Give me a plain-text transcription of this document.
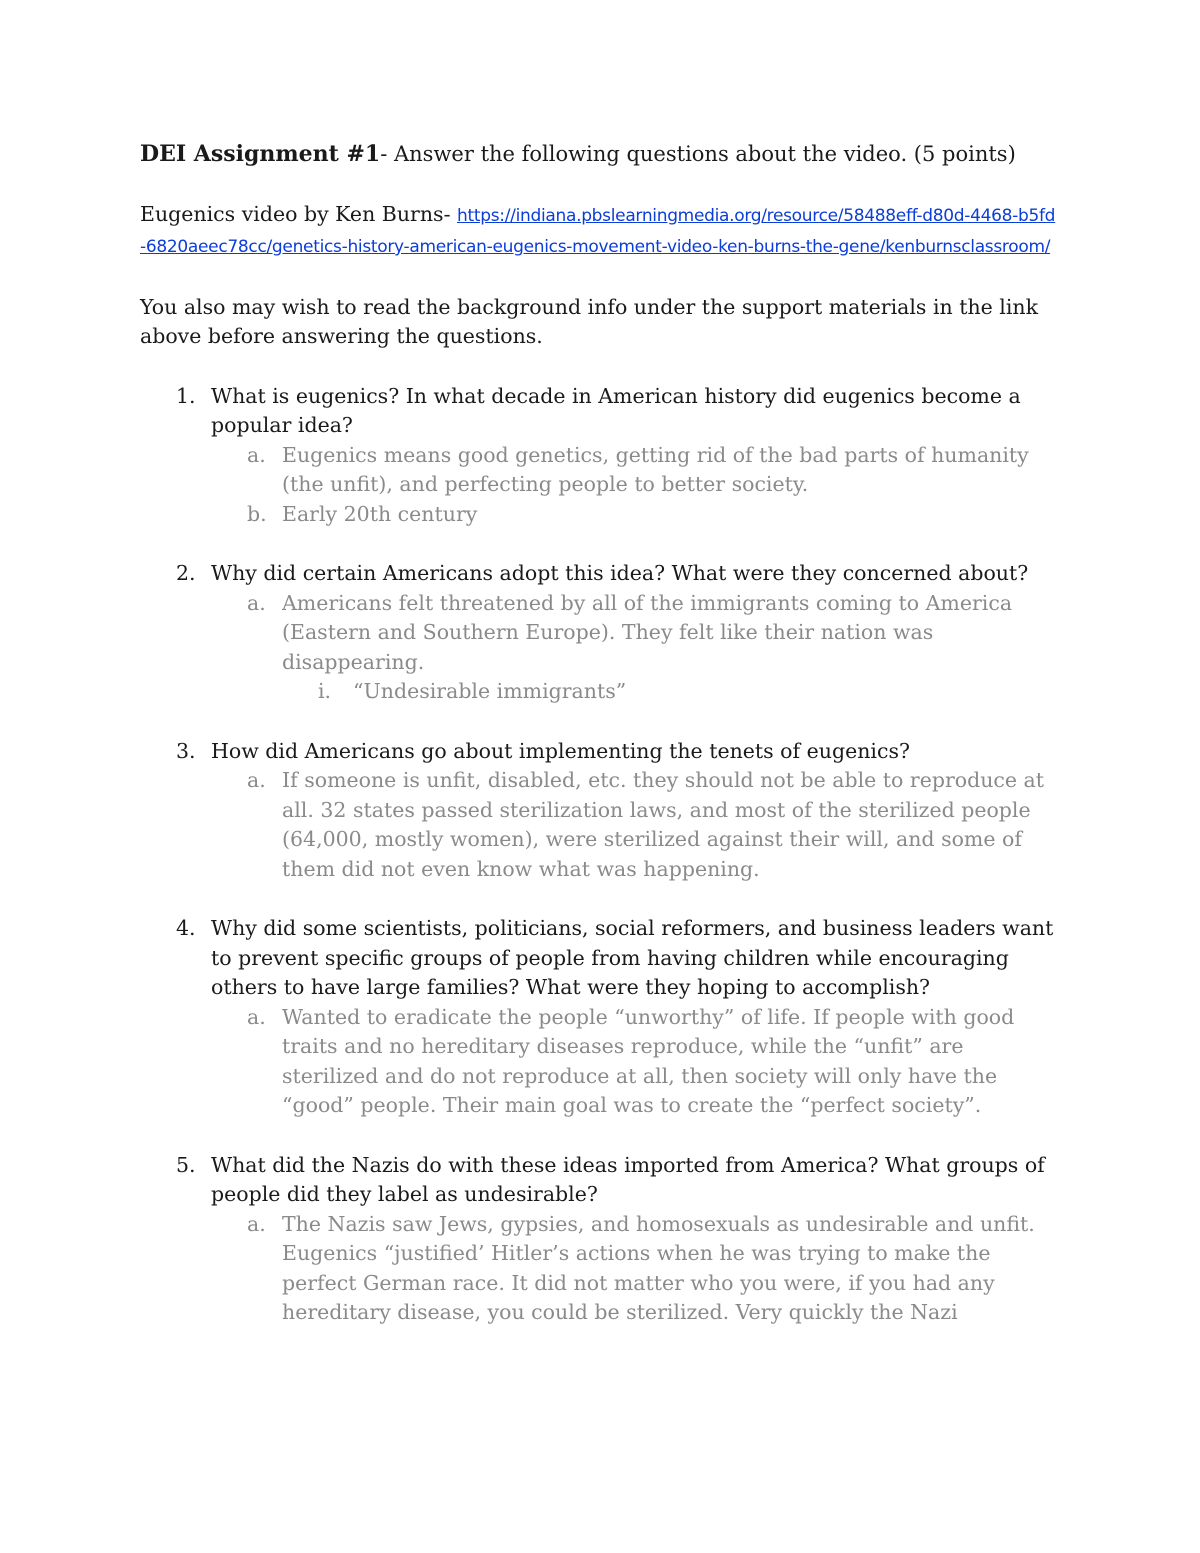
DEI Assignment #1- Answer the following questions about the video. (5 points)

Eugenics video by Ken Burns- https://indiana.pbslearningmedia.org/resource/58488eff-d80d-4468-b5fd-6820aeec78cc/genetics-history-american-eugenics-movement-video-ken-burns-the-gene/kenburnsclassroom/

You also may wish to read the background info under the support materials in the link above before answering the questions.

1. What is eugenics? In what decade in American history did eugenics become a popular idea?
a. Eugenics means good genetics, getting rid of the bad parts of humanity (the unfit), and perfecting people to better society.
b. Early 20th century
2. Why did certain Americans adopt this idea? What were they concerned about?
a. Americans felt threatened by all of the immigrants coming to America (Eastern and Southern Europe). They felt like their nation was disappearing.
i. “Undesirable immigrants”
3. How did Americans go about implementing the tenets of eugenics?
a. If someone is unfit, disabled, etc. they should not be able to reproduce at all. 32 states passed sterilization laws, and most of the sterilized people (64,000, mostly women), were sterilized against their will, and some of them did not even know what was happening.
4. Why did some scientists, politicians, social reformers, and business leaders want to prevent specific groups of people from having children while encouraging others to have large families? What were they hoping to accomplish?
a. Wanted to eradicate the people “unworthy” of life. If people with good traits and no hereditary diseases reproduce, while the “unfit” are sterilized and do not reproduce at all, then society will only have the “good” people. Their main goal was to create the “perfect society”.
5. What did the Nazis do with these ideas imported from America? What groups of people did they label as undesirable?
a. The Nazis saw Jews, gypsies, and homosexuals as undesirable and unfit. Eugenics “justified’ Hitler’s actions when he was trying to make the perfect German race. It did not matter who you were, if you had any hereditary disease, you could be sterilized. Very quickly the Nazi
